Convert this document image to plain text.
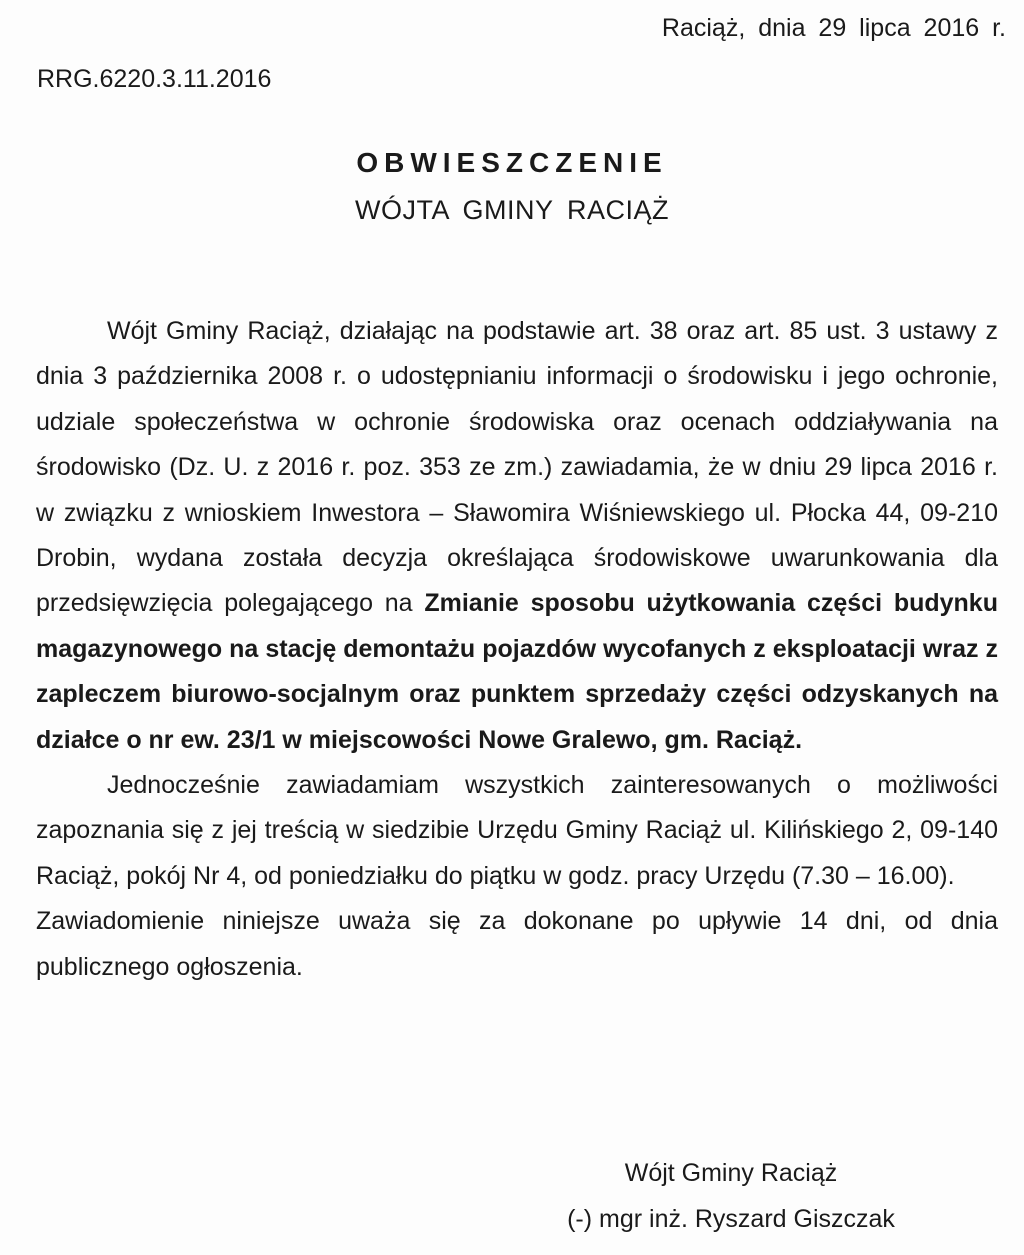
Raciąż, dnia 29 lipca 2016 r.
RRG.6220.3.11.2016
OBWIESZCZENIE
WÓJTA GMINY RACIĄŻ

Wójt Gminy Raciąż, działając na podstawie art. 38 oraz art. 85 ust. 3 ustawy z dnia 3 października 2008 r. o udostępnianiu informacji o środowisku i jego ochronie, udziale społeczeństwa w ochronie środowiska oraz ocenach oddziaływania na środowisko (Dz. U. z 2016 r. poz. 353 ze zm.) zawiadamia, że w dniu 29 lipca 2016 r. w związku z wnioskiem Inwestora – Sławomira Wiśniewskiego ul. Płocka 44, 09-210 Drobin, wydana została decyzja określająca środowiskowe uwarunkowania dla przedsięwzięcia polegającego na Zmianie sposobu użytkowania części budynku magazynowego na stację demontażu pojazdów wycofanych z eksploatacji wraz z zapleczem biurowo-socjalnym oraz punktem sprzedaży części odzyskanych na działce o nr ew. 23/1 w miejscowości Nowe Gralewo, gm. Raciąż.

Jednocześnie zawiadamiam wszystkich zainteresowanych o możliwości zapoznania się z jej treścią w siedzibie Urzędu Gminy Raciąż ul. Kilińskiego 2, 09-140 Raciąż, pokój Nr 4, od poniedziałku do piątku w godz. pracy Urzędu (7.30 – 16.00).

Zawiadomienie niniejsze uważa się za dokonane po upływie 14 dni, od dnia publicznego ogłoszenia.

Wójt Gminy Raciąż
(-) mgr inż. Ryszard Giszczak
